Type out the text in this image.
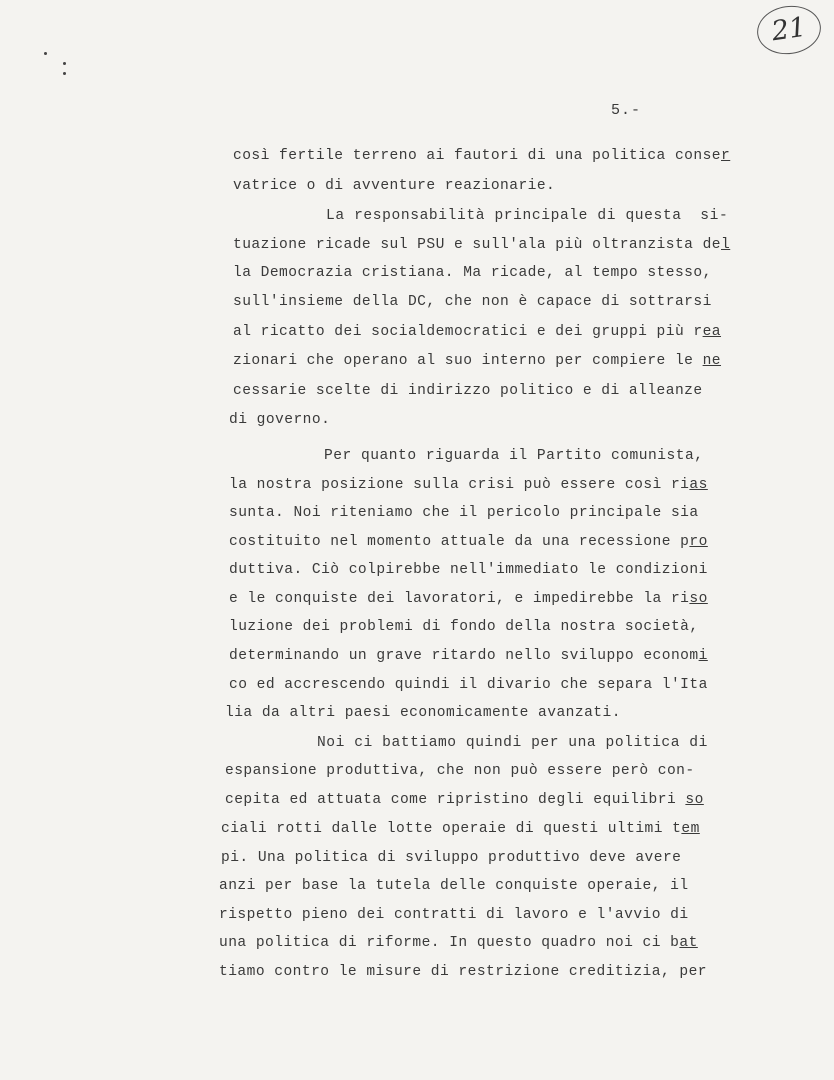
21
5.-
così fertile terreno ai fautori di una politica conser
vatrice o di avventure reazionarie.
La responsabilità principale di questa  si-
tuazione ricade sul PSU e sull'ala più oltranzista del
la Democrazia cristiana. Ma ricade, al tempo stesso,
sull'insieme della DC, che non è capace di sottrarsi
al ricatto dei socialdemocratici e dei gruppi più rea
zionari che operano al suo interno per compiere le ne
cessarie scelte di indirizzo politico e di alleanze
di governo.
Per quanto riguarda il Partito comunista,
la nostra posizione sulla crisi può essere così rias
sunta. Noi riteniamo che il pericolo principale sia
costituito nel momento attuale da una recessione pro
duttiva. Ciò colpirebbe nell'immediato le condizioni
e le conquiste dei lavoratori, e impedirebbe la riso
luzione dei problemi di fondo della nostra società,
determinando un grave ritardo nello sviluppo economi
co ed accrescendo quindi il divario che separa l'Ita
lia da altri paesi economicamente avanzati.
Noi ci battiamo quindi per una politica di
espansione produttiva, che non può essere però con-
cepita ed attuata come ripristino degli equilibri so
ciali rotti dalle lotte operaie di questi ultimi tem
pi. Una politica di sviluppo produttivo deve avere
anzi per base la tutela delle conquiste operaie, il
rispetto pieno dei contratti di lavoro e l'avvio di
una politica di riforme. In questo quadro noi ci bat
tiamo contro le misure di restrizione creditizia, per
